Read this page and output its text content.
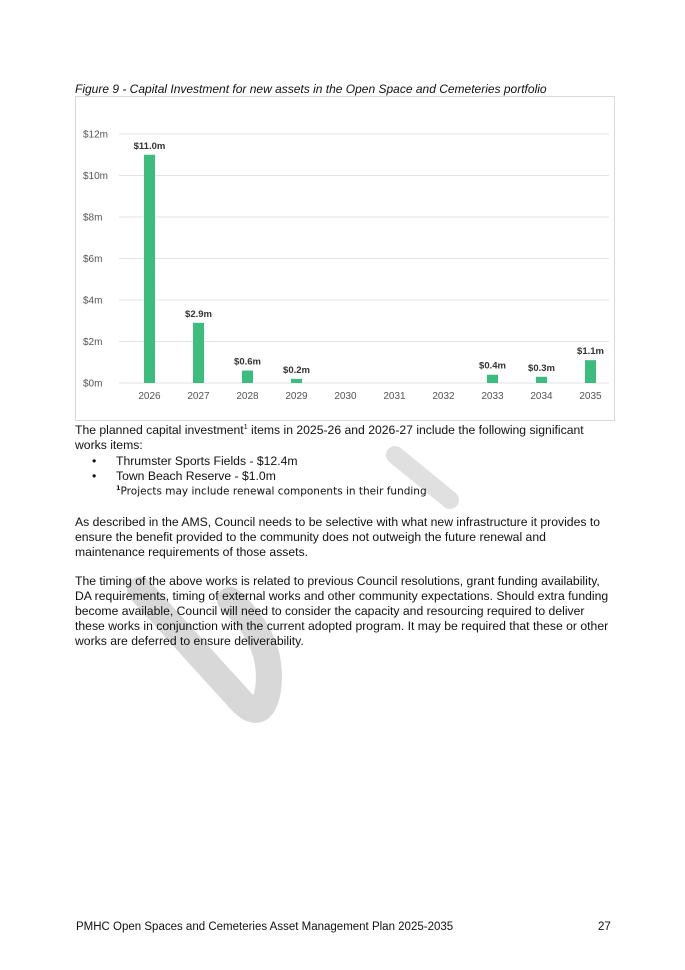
Figure 9 - Capital Investment for new assets in the Open Space and Cemeteries portfolio
$0m
$2m
$4m
$6m
$8m
$10m
$12m
$11.0m
2026
$2.9m
2027
$0.6m
2028
$0.2m
2029	2030	2031	2032
$0.4m
2033
$0.3m
2034
$1.1m
2035
The planned capital investment$^1$ items in 2025-26 and 2026-27 include the following significant works items:
• Thrumster Sports Fields - $12.4m
• Town Beach Reserve - $1.0m
$^1$Projects may include renewal components in their funding
As described in the AMS, Council needs to be selective with what new infrastructure it provides to ensure the benefit provided to the community does not outweigh the future renewal and maintenance requirements of those assets.
The timing of the above works is related to previous Council resolutions, grant funding availability, DA requirements, timing of external works and other community expectations. Should extra funding become available, Council will need to consider the capacity and resourcing required to deliver these works in conjunction with the current adopted program. It may be required that these or other works are deferred to ensure deliverability.
PMHC Open Spaces and Cemeteries Asset Management Plan 2025-2035	27
